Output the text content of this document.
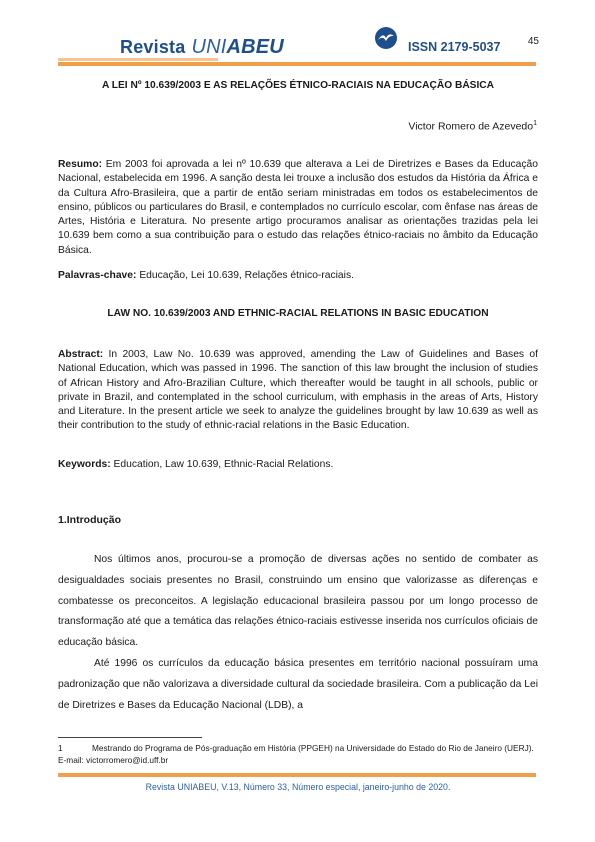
Revista UNIABEU	ISSN 2179-5037	45
A LEI Nº 10.639/2003 E AS RELAÇÕES ÉTNICO-RACIAIS NA EDUCAÇÃO BÁSICA
Victor Romero de Azevedo$^1$

Resumo: Em 2003 foi aprovada a lei nº 10.639 que alterava a Lei de Diretrizes e Bases da Educação Nacional, estabelecida em 1996. A sanção desta lei trouxe a inclusão dos estudos da História da África e da Cultura Afro-Brasileira, que a partir de então seriam ministradas em todos os estabelecimentos de ensino, públicos ou particulares do Brasil, e contemplados no currículo escolar, com ênfase nas áreas de Artes, História e Literatura. No presente artigo procuramos analisar as orientações trazidas pela lei 10.639 bem como a sua contribuição para o estudo das relações étnico-raciais no âmbito da Educação Básica.

Palavras-chave: Educação, Lei 10.639, Relações étnico-raciais.

LAW NO. 10.639/2003 AND ETHNIC-RACIAL RELATIONS IN BASIC EDUCATION

Abstract: In 2003, Law No. 10.639 was approved, amending the Law of Guidelines and Bases of National Education, which was passed in 1996. The sanction of this law brought the inclusion of studies of African History and Afro-Brazilian Culture, which thereafter would be taught in all schools, public or private in Brazil, and contemplated in the school curriculum, with emphasis in the areas of Arts, History and Literature. In the present article we seek to analyze the guidelines brought by law 10.639 as well as their contribution to the study of ethnic-racial relations in the Basic Education.

Keywords: Education, Law 10.639, Ethnic-Racial Relations.

1.Introdução

Nos últimos anos, procurou-se a promoção de diversas ações no sentido de combater as desigualdades sociais presentes no Brasil, construindo um ensino que valorizasse as diferenças e combatesse os preconceitos. A legislação educacional brasileira passou por um longo processo de transformação até que a temática das relações étnico-raciais estivesse inserida nos currículos oficiais de educação básica.

Até 1996 os currículos da educação básica presentes em território nacional possuíram uma padronização que não valorizava a diversidade cultural da sociedade brasileira. Com a publicação da Lei de Diretrizes e Bases da Educação Nacional (LDB), a

1	Mestrando do Programa de Pós-graduação em História (PPGEH) na Universidade do Estado do Rio de Janeiro (UERJ). E-mail: victorromero@id.uff.br

Revista UNIABEU, V.13, Número 33, Número especial, janeiro-junho de 2020.
